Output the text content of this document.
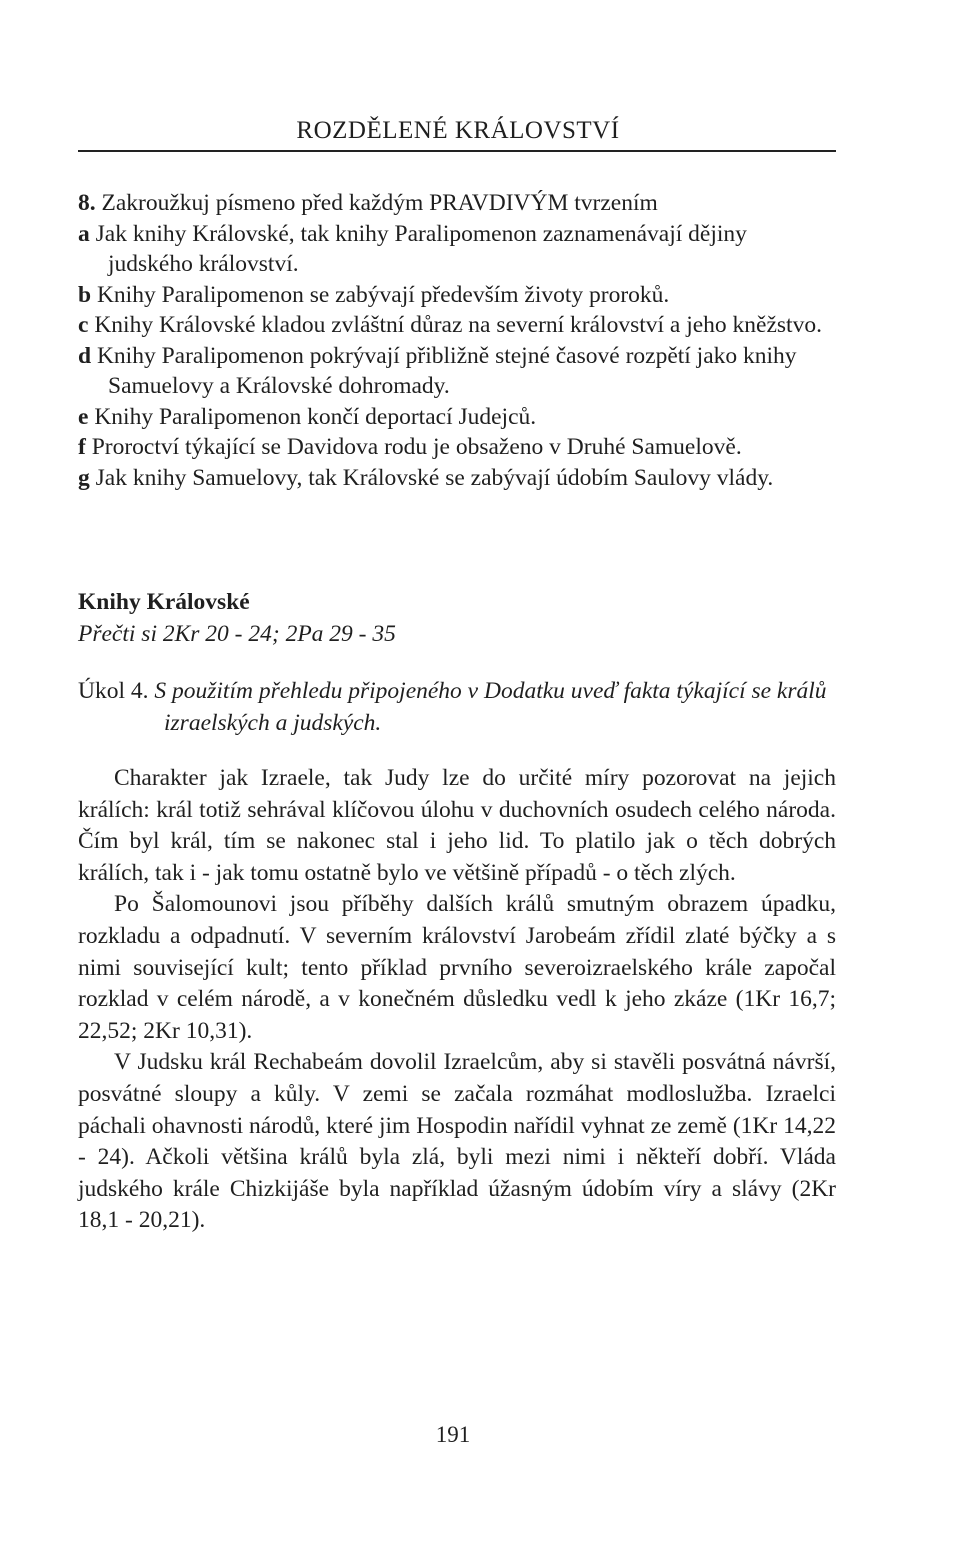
ROZDĚLENÉ KRÁLOVSTVÍ
8. Zakroužkuj písmeno před každým PRAVDIVÝM tvrzením
a Jak knihy Královské, tak knihy Paralipomenon zaznamenávají dějiny judského království.
b Knihy Paralipomenon se zabývají především životy proroků.
c Knihy Královské kladou zvláštní důraz na severní království a jeho kněžstvo.
d Knihy Paralipomenon pokrývají přibližně stejné časové rozpětí jako knihy Samuelovy a Královské dohromady.
e Knihy Paralipomenon končí deportací Judejců.
f Proroctví týkající se Davidova rodu je obsaženo v Druhé Samuelově.
g Jak knihy Samuelovy, tak Královské se zabývají údobím Saulovy vlády.
Knihy Královské
Přečti si 2Kr 20 - 24; 2Pa 29 - 35
Úkol 4. S použitím přehledu připojeného v Dodatku uveď fakta týkající se králů izraelských a judských.

Charakter jak Izraele, tak Judy lze do určité míry pozorovat na jejich králích: král totiž sehrával klíčovou úlohu v duchovních osudech celého národa. Čím byl král, tím se nakonec stal i jeho lid. To platilo jak o těch dobrých králích, tak i - jak tomu ostatně bylo ve většině případů - o těch zlých.

Po Šalomounovi jsou příběhy dalších králů smutným obrazem úpadku, rozkladu a odpadnutí. V severním království Jarobeám zřídil zlaté býčky a s nimi související kult; tento příklad prvního severoizraelského krále započal rozklad v celém národě, a v konečném důsledku vedl k jeho zkáze (1Kr 16,7; 22,52; 2Kr 10,31).

V Judsku král Rechabeám dovolil Izraelcům, aby si stavěli posvátná návrší, posvátné sloupy a kůly. V zemi se začala rozmáhat modloslužba. Izraelci páchali ohavnosti národů, které jim Hospodin nařídil vyhnat ze země (1Kr 14,22 - 24). Ačkoli většina králů byla zlá, byli mezi nimi i někteří dobří. Vláda judského krále Chizkijáše byla například úžasným údobím víry a slávy (2Kr 18,1 - 20,21).

191
